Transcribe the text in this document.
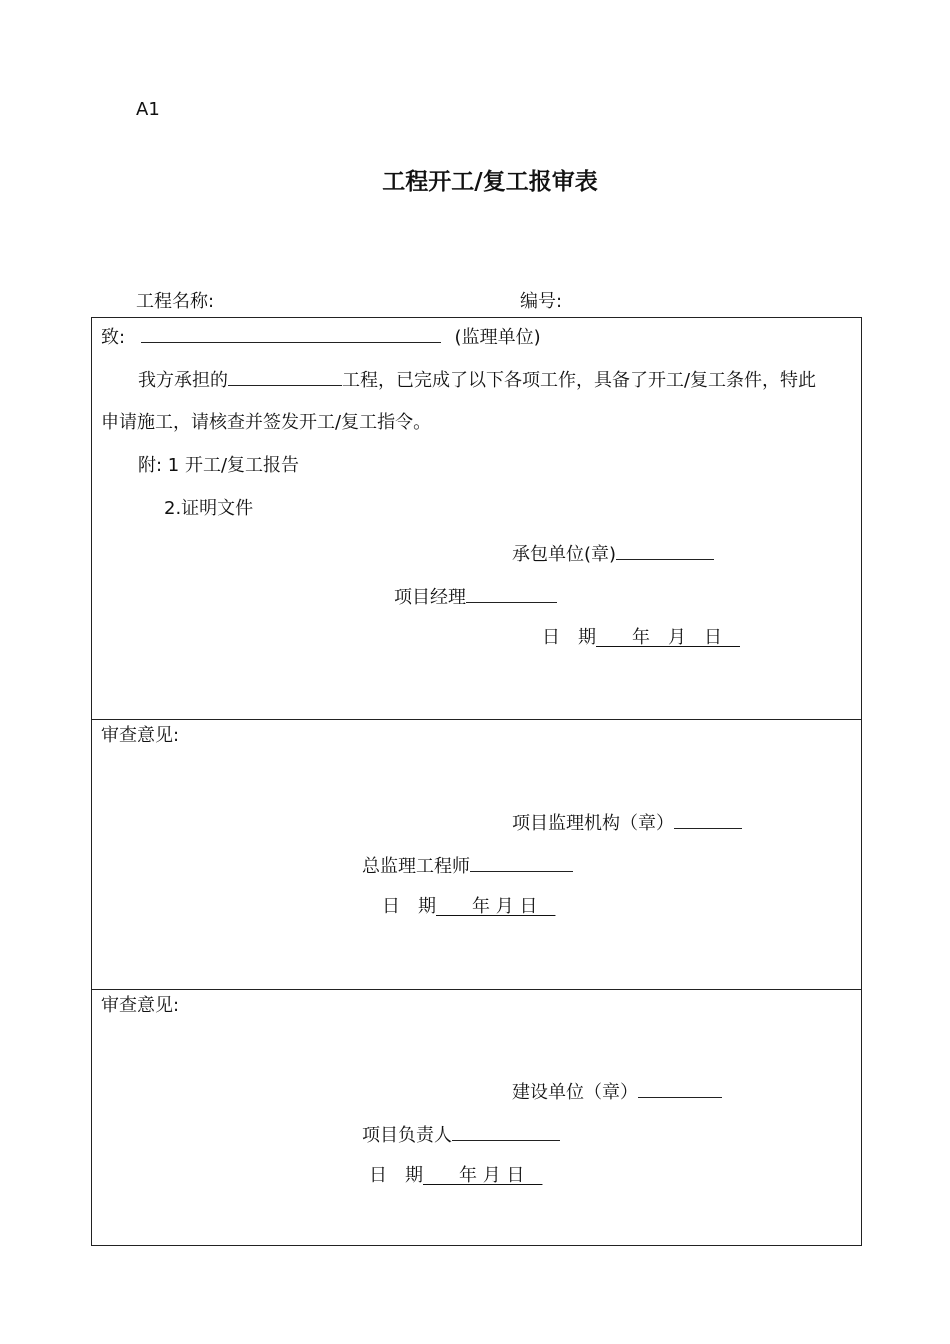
A1
工程开工/复工报审表
工程名称:	编号:
致:	(监理单位)
我方承担的	工程，已完成了以下各项工作，具备了开工/复工条件，特此
申请施工，请核查并签发开工/复工指令。
附: 1 开工/复工报告
2.证明文件
承包单位(章)
项目经理
日　期　　年　月　日　
审查意见:
项目监理机构（章）
总监理工程师
日　期　　年 月 日　
审查意见:
建设单位（章）
项目负责人
日　期　　年 月 日　
